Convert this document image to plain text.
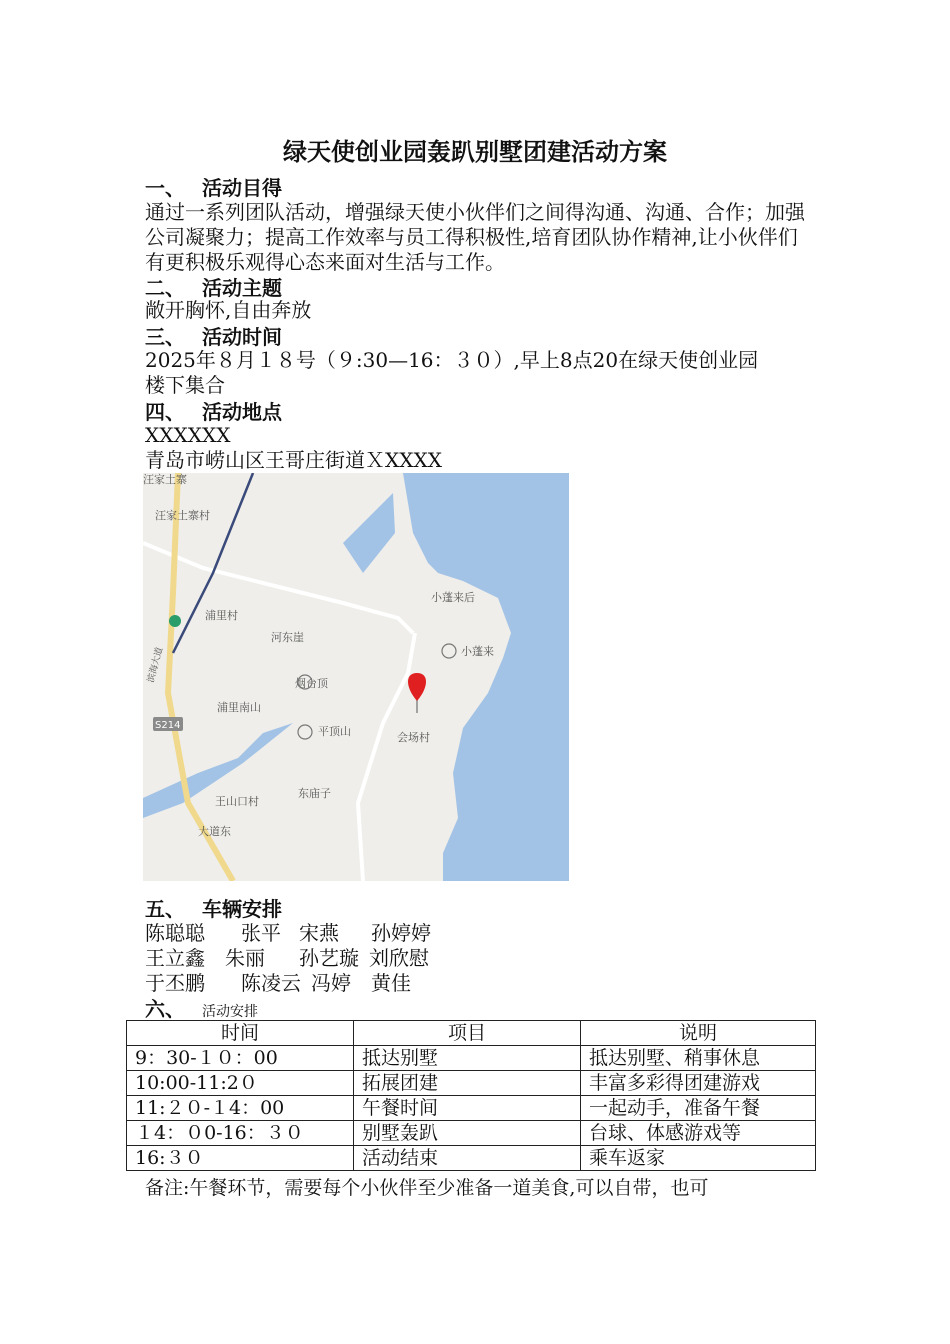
绿天使创业园轰趴别墅团建活动方案
一、 活动目得
通过一系列团队活动，增强绿天使小伙伴们之间得沟通、沟通、合作；加强公司凝聚力；提高工作效率与员工得积极性,培育团队协作精神,让小伙伴们有更积极乐观得心态来面对生活与工作。
二、 活动主题
敞开胸怀,自由奔放
三、 活动时间
2025年８月１８号（９:30—16：３０）,早上8点20在绿天使创业园
楼下集合
四、 活动地点
XXXXXX
青岛市崂山区王哥庄街道ＸXXXX
S214
汪家土寨
汪家土寨村
浦里村
河东崖
小蓬来后
烟台顶
浦里南山
平顶山	会场村
王山口村
东庙子
大道东
滨海大道	小蓬来
五、 车辆安排
陈聪聪 张平 宋燕 孙婷婷
王立鑫 朱丽 孙艺璇 刘欣慰
于丕鹏 陈凌云 冯婷 黄佳
六、 活动安排
时间	项目	说明
9：30-１０：00	抵达别墅	抵达别墅、稍事休息
10:00-11:2０	拓展团建	丰富多彩得团建游戏
11:２０-１4：00	午餐时间	一起动手，准备午餐
１4：０0-16：３０	别墅轰趴	台球、体感游戏等
16:３０	活动结束	乘车返家
备注:午餐环节，需要每个小伙伴至少准备一道美食,可以自带，也可
